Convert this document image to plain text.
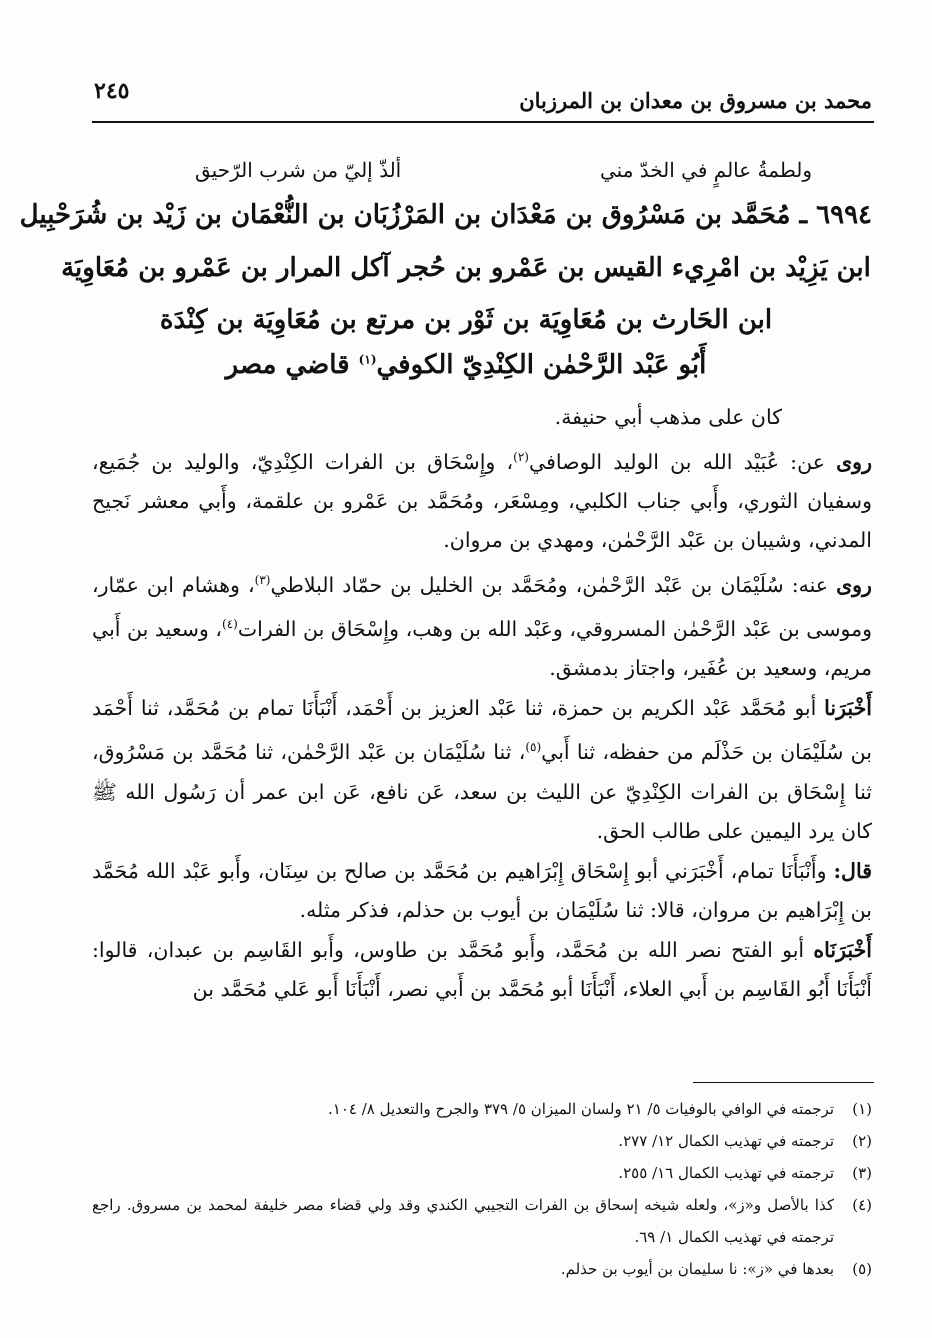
محمد بن مسروق بن معدان بن المرزبان
٢٤٥
ولطمةُ عالمٍ في الخدّ مني
ألذّ إليّ من شرب الرّحيق
٦٩٩٤ ـ مُحَمَّد بن مَسْرُوق بن مَعْدَان بن المَرْزُبَان بن النُّعْمَان بن زَيْد بن شُرَحْبِيل
ابن يَزِيْد بن امْرِيء القيس بن عَمْرو بن حُجر آكل المرار بن عَمْرو بن مُعَاوِيَة
ابن الحَارث بن مُعَاوِيَة بن ثَوْر بن مرتع بن مُعَاوِيَة بن كِنْدَة
أَبُو عَبْد الرَّحْمٰن الكِنْدِيّ الكوفي$^{(١)}$ قاضي مصر

كان على مذهب أبي حنيفة.

روى عن: عُبَيْد الله بن الوليد الوصافي$^{(٢)}$، وإِسْحَاق بن الفرات الكِنْدِيّ، والوليد بن جُمَيع، وسفيان الثوري، وأَبي جناب الكلبي، ومِسْعَر، ومُحَمَّد بن عَمْرو بن علقمة، وأَبي معشر نَجيح المدني، وشيبان بن عَبْد الرَّحْمٰن، ومهدي بن مروان.

روى عنه: سُلَيْمَان بن عَبْد الرَّحْمٰن، ومُحَمَّد بن الخليل بن حمّاد البلاطي$^{(٣)}$، وهشام ابن عمّار، وموسى بن عَبْد الرَّحْمٰن المسروقي، وعَبْد الله بن وهب، وإِسْحَاق بن الفرات$^{(٤)}$، وسعيد بن أَبي مريم، وسعيد بن عُفَير، واجتاز بدمشق.

أَخْبَرَنا أبو مُحَمَّد عَبْد الكريم بن حمزة، ثنا عَبْد العزيز بن أَحْمَد، أَنْبَأَنَا تمام بن مُحَمَّد، ثنا أَحْمَد بن سُلَيْمَان بن حَذْلَم من حفظه، ثنا أَبي$^{(٥)}$، ثنا سُلَيْمَان بن عَبْد الرَّحْمٰن، ثنا مُحَمَّد بن مَسْرُوق، ثنا إِسْحَاق بن الفرات الكِنْدِيّ عن الليث بن سعد، عَن نافع، عَن ابن عمر أن رَسُول الله ﷺ كان يرد اليمين على طالب الحق.

قال: وأَنْبَأَنَا تمام، أَخْبَرَني أبو إِسْحَاق إِبْرَاهيم بن مُحَمَّد بن صالح بن سِنَان، وأَبو عَبْد الله مُحَمَّد بن إِبْرَاهيم بن مروان، قالا: ثنا سُلَيْمَان بن أيوب بن حذلم، فذكر مثله.

أَخْبَرَنَاه أبو الفتح نصر الله بن مُحَمَّد، وأَبو مُحَمَّد بن طاوس، وأَبو القَاسِم بن عبدان، قالوا: أَنْبَأَنَا أَبُو القَاسِم بن أَبي العلاء، أَنْبَأَنَا أبو مُحَمَّد بن أَبي نصر، أَنْبَأَنَا أَبو عَلي مُحَمَّد بن

(١)
ترجمته في الوافي بالوفيات ٥/ ٢١ ولسان الميزان ٥/ ٣٧٩ والجرح والتعديل ٨/ ١٠٤.
(٢)
ترجمته في تهذيب الكمال ١٢/ ٢٧٧.
(٣)
ترجمته في تهذيب الكمال ١٦/ ٢٥٥.
(٤)
كذا بالأصل و«ز»، ولعله شيخه إسحاق بن الفرات التجيبي الكندي وقد ولي قضاء مصر خليفة لمحمد بن مسروق. راجع ترجمته في تهذيب الكمال ١/ ٦٩.
(٥)
بعدها في «ز»: نا سليمان بن أيوب بن حذلم.
